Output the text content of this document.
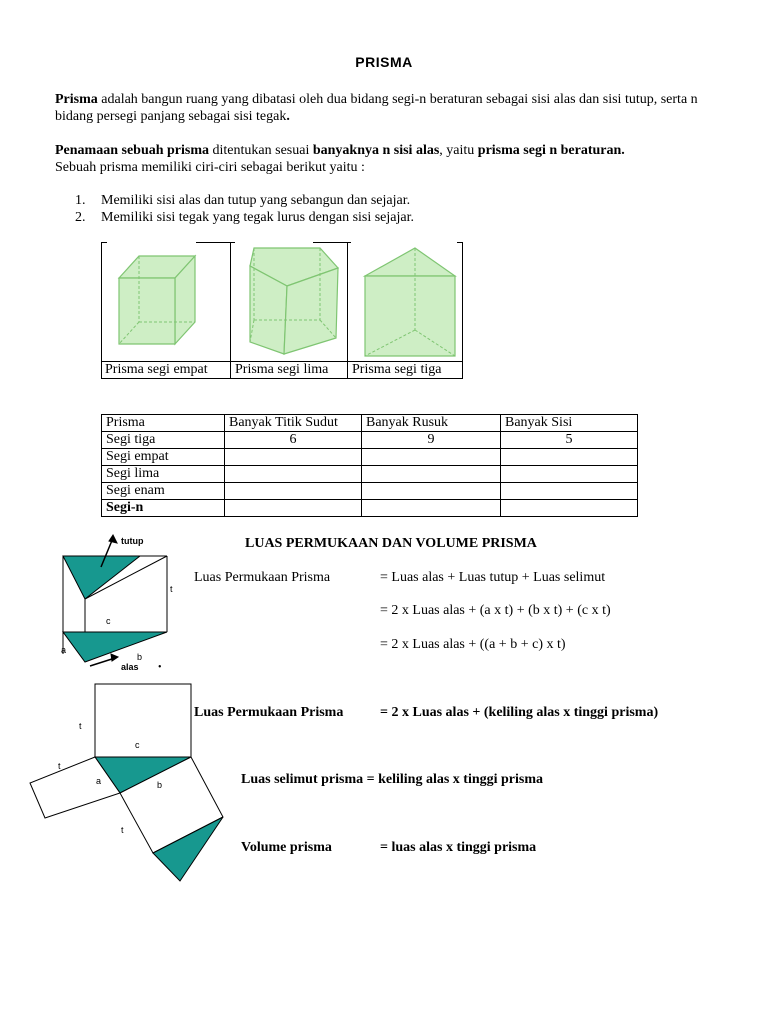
PRISMA
Prisma adalah bangun ruang yang dibatasi oleh dua bidang segi-n beraturan sebagai sisi alas dan sisi tutup, serta n bidang persegi panjang sebagai sisi tegak.
Penamaan sebuah prisma ditentukan sesuai banyaknya n sisi alas, yaitu prisma segi n beraturan.
Sebuah prisma memiliki ciri-ciri sebagai berikut yaitu :
1. Memiliki sisi alas dan tutup yang sebangun dan sejajar.
2. Memiliki sisi tegak yang tegak lurus dengan sisi sejajar.
Prisma segi empat Prisma segi lima Prisma segi tiga
Prisma	Banyak Titik Sudut	Banyak Rusuk	Banyak Sisi
Segi tiga	6	9	5
Segi empat			
Segi lima			
Segi enam			
Segi-n			
LUAS PERMUKAAN DAN VOLUME PRISMA
tutup
t
c
a
b
alas •
Luas Permukaan Prisma	= Luas alas + Luas tutup + Luas selimut
= 2 x Luas alas + (a x t) + (b x t) + (c x t)
= 2 x Luas alas + ((a + b + c) x t)
t
c
t
a	b
t
Luas Permukaan Prisma	= 2 x Luas alas + (keliling alas x tinggi prisma)
Luas selimut prisma = keliling alas x tinggi prisma
Volume prisma	= luas alas x tinggi prisma
